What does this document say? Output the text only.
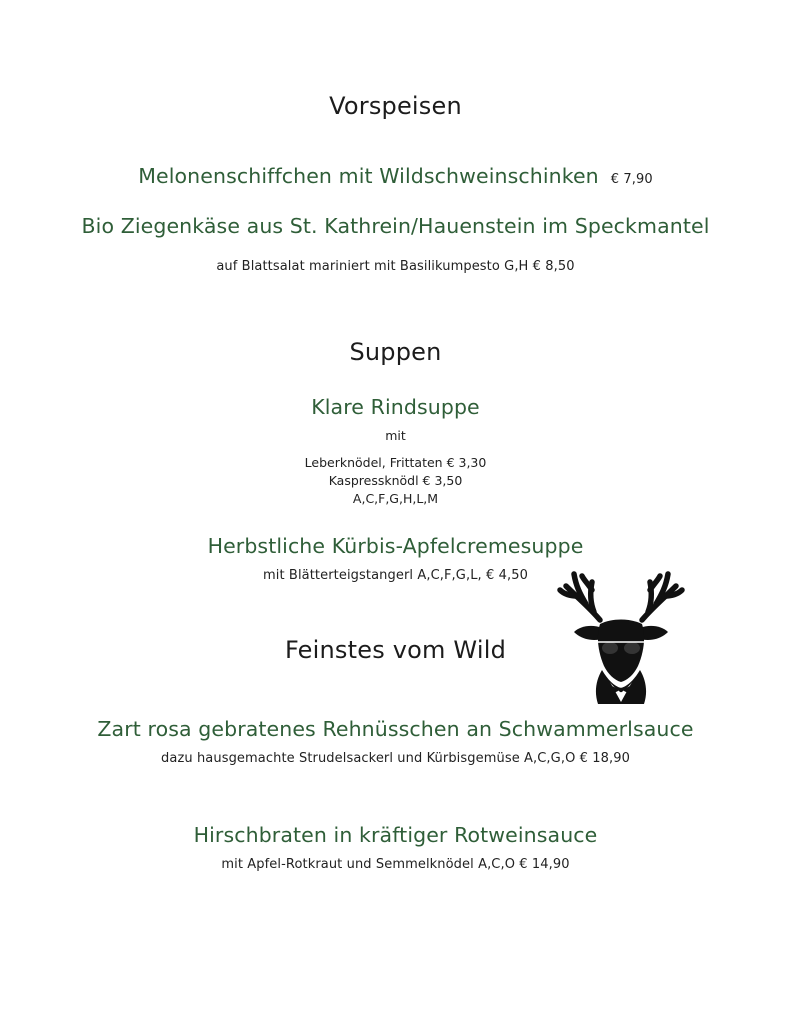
Vorspeisen
Melonenschiffchen mit Wildschweinschinken € 7,90
Bio Ziegenkäse aus St. Kathrein/Hauenstein im Speckmantel
auf Blattsalat mariniert mit Basilikumpesto G,H € 8,50
Suppen
Klare Rindsuppe
mit
Leberknödel, Frittaten € 3,30
Kaspressknödl € 3,50
A,C,F,G,H,L,M
Herbstliche Kürbis-Apfelcremesuppe
mit Blätterteigstangerl A,C,F,G,L, € 4,50
Feinstes vom Wild
Zart rosa gebratenes Rehnüsschen an Schwammerlsauce
dazu hausgemachte Strudelsackerl und Kürbisgemüse A,C,G,O € 18,90
Hirschbraten in kräftiger Rotweinsauce
mit Apfel-Rotkraut und Semmelknödel A,C,O € 14,90
